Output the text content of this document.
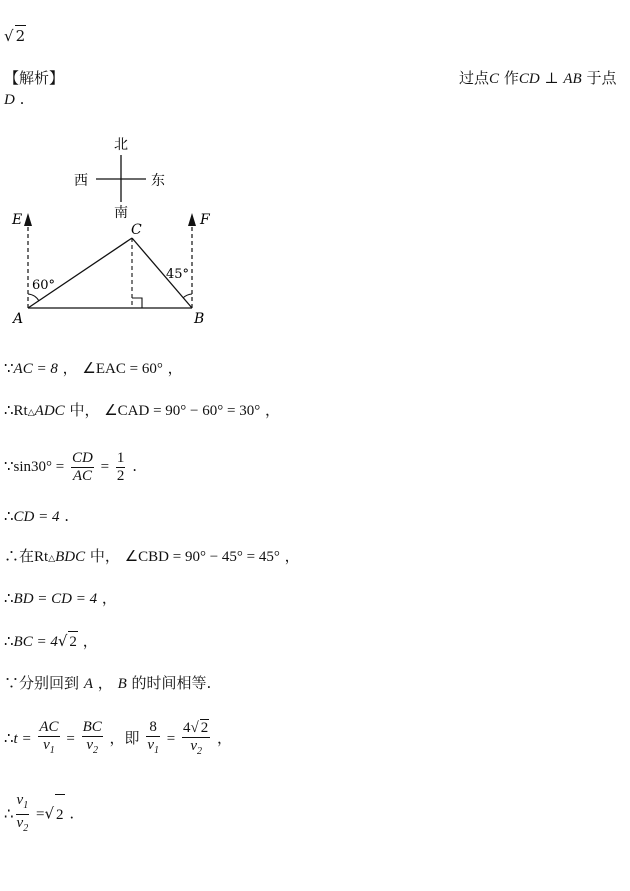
√ 2
【解析】	过点C 作CD ⊥ AB 于点
D .
北
南
西	东
A	B
C
E	F
60°
45°
∵AC = 8 ， ∠EAC = 60° ，
∴Rt△ADC 中， ∠CAD = 90° − 60° = 30° ，
∵sin30° = $\frac{CD}{AC} = \frac{1}{2}$ .
∴CD = 4 .
∴在Rt△BDC 中， ∠CBD = 90° − 45° = 45° ，
∴BD = CD = 4 ，
∴BC = 4√ 2 ，
∵分别回到 A ， B 的时间相等.
∴t = $\frac{AC}{v_1} = \frac{BC}{v_2}$ ，即 $\frac{8}{v_1} = \frac{4√ 2}{v_2}$ ，
∴ $\frac{v_1}{v_2}$ =√ 2 .
